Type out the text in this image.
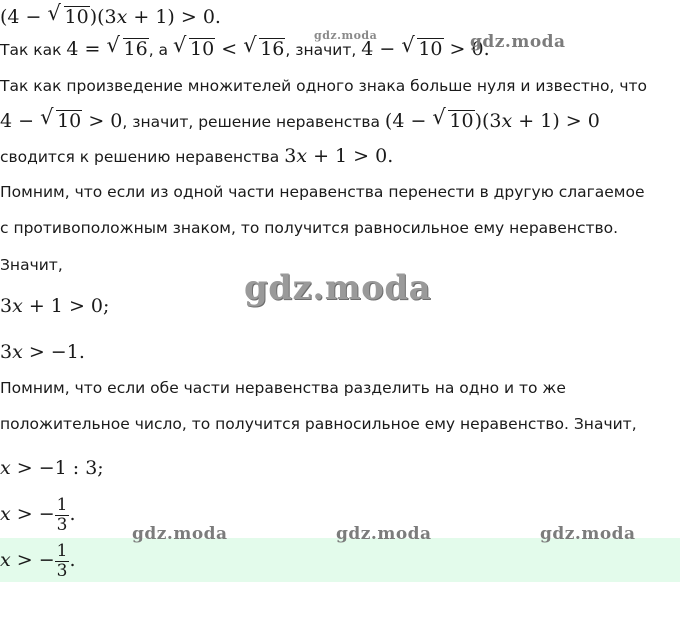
(4 − √ 10)(3x + 1) > 0.
Так как 4 = √ 16, а √ 10 < √ 16, значит, 4 − √ 10 > 0.
Так как произведение множителей одного знака больше нуля и известно, что
4 − √ 10 > 0, значит, решение неравенства (4 − √ 10)(3x + 1) > 0
сводится к решению неравенства 3x + 1 > 0.
Помним, что если из одной части неравенства перенести в другую слагаемое
с противоположным знаком, то получится равносильное ему неравенство.
Значит,
3x + 1 > 0;
3x > −1.
Помним, что если обе части неравенства разделить на одно и то же
положительное число, то получится равносильное ему неравенство. Значит,
x > −1 : 3;
x > − $\frac{1}{3}$ .
x > − $\frac{1}{3}$ .
gdz.moda	gdz.moda
gdz.moda
gdz.moda	gdz.moda	gdz.moda
